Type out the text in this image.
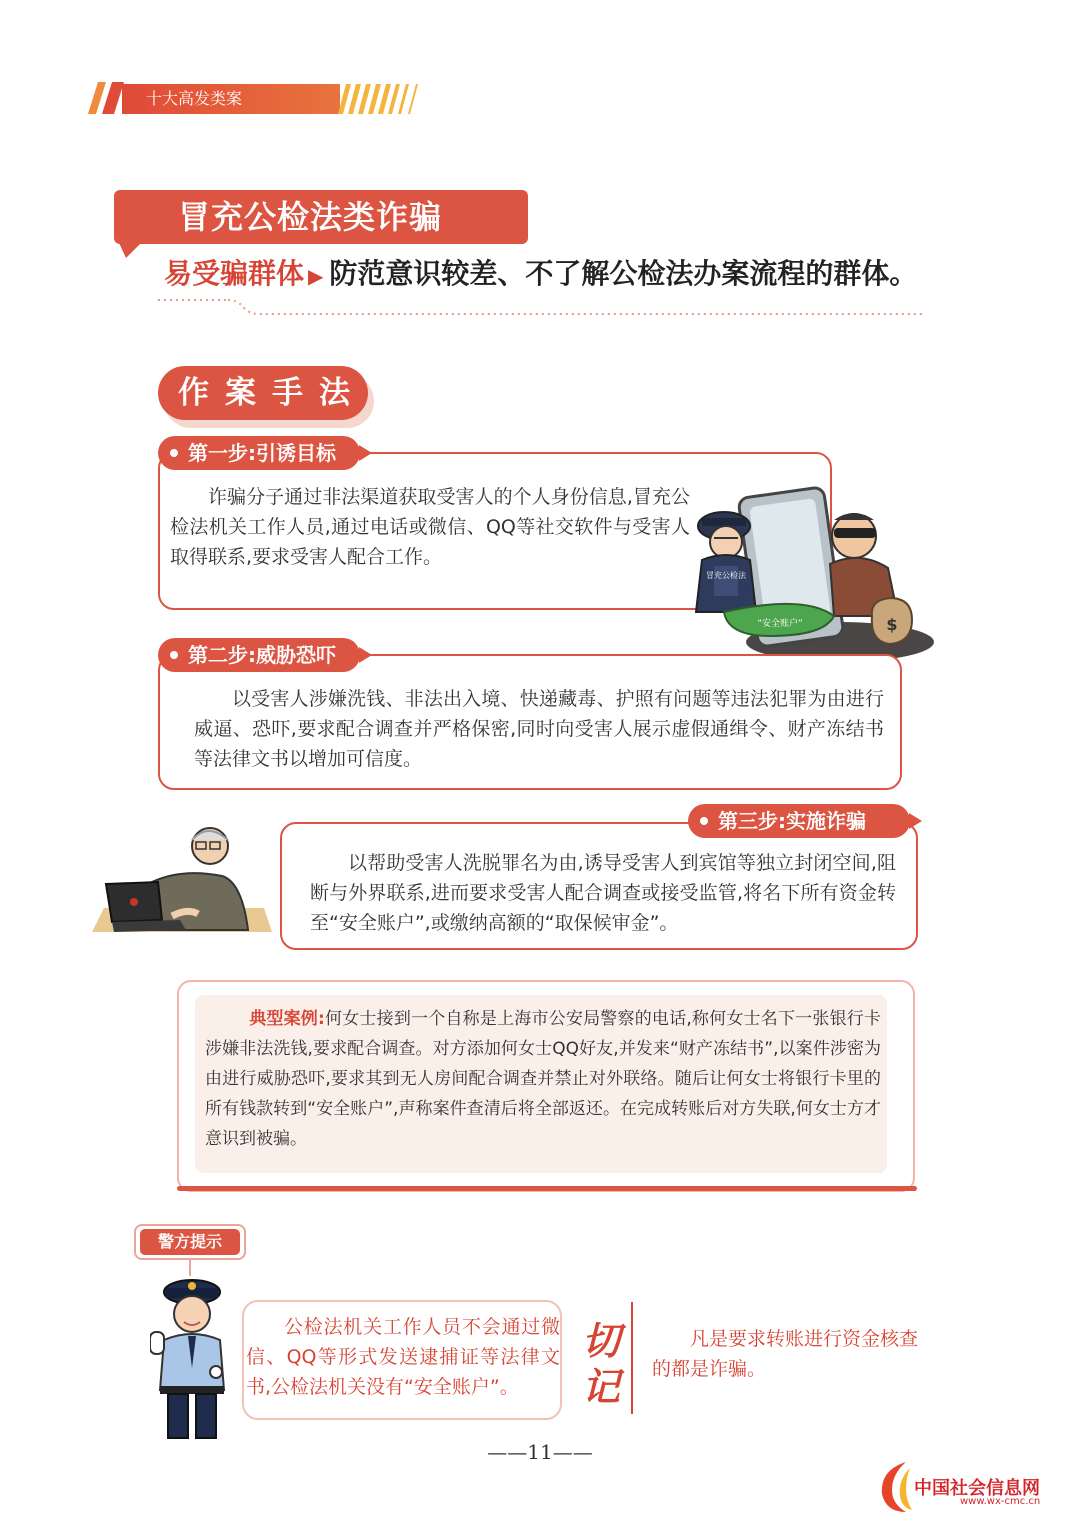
十大高发类案
冒充公检法类诈骗
易受骗群体 ▶ 防范意识较差、不了解公检法办案流程的群体。
作案手法
第一步:引诱目标
诈骗分子通过非法渠道获取受害人的个人身份信息,冒充公检法机关工作人员,通过电话或微信、QQ等社交软件与受害人取得联系,要求受害人配合工作。
冒充公检法
“安全账户”	$
第二步:威胁恐吓
以受害人涉嫌洗钱、非法出入境、快递藏毒、护照有问题等违法犯罪为由进行威逼、恐吓,要求配合调查并严格保密,同时向受害人展示虚假通缉令、财产冻结书等法律文书以增加可信度。
第三步:实施诈骗
以帮助受害人洗脱罪名为由,诱导受害人到宾馆等独立封闭空间,阻断与外界联系,进而要求受害人配合调查或接受监管,将名下所有资金转至“安全账户”,或缴纳高额的“取保候审金”。
典型案例:何女士接到一个自称是上海市公安局警察的电话,称何女士名下一张银行卡涉嫌非法洗钱,要求配合调查。对方添加何女士QQ好友,并发来“财产冻结书”,以案件涉密为由进行威胁恐吓,要求其到无人房间配合调查并禁止对外联络。随后让何女士将银行卡里的所有钱款转到“安全账户”,声称案件查清后将全部返还。在完成转账后对方失联,何女士方才意识到被骗。
警方提示
公检法机关工作人员不会通过微信、QQ等形式发送逮捕证等法律文书,公检法机关没有“安全账户”。
切记
凡是要求转账进行资金核查的都是诈骗。
——11——
中国社会信息网
www.wx-cmc.cn
